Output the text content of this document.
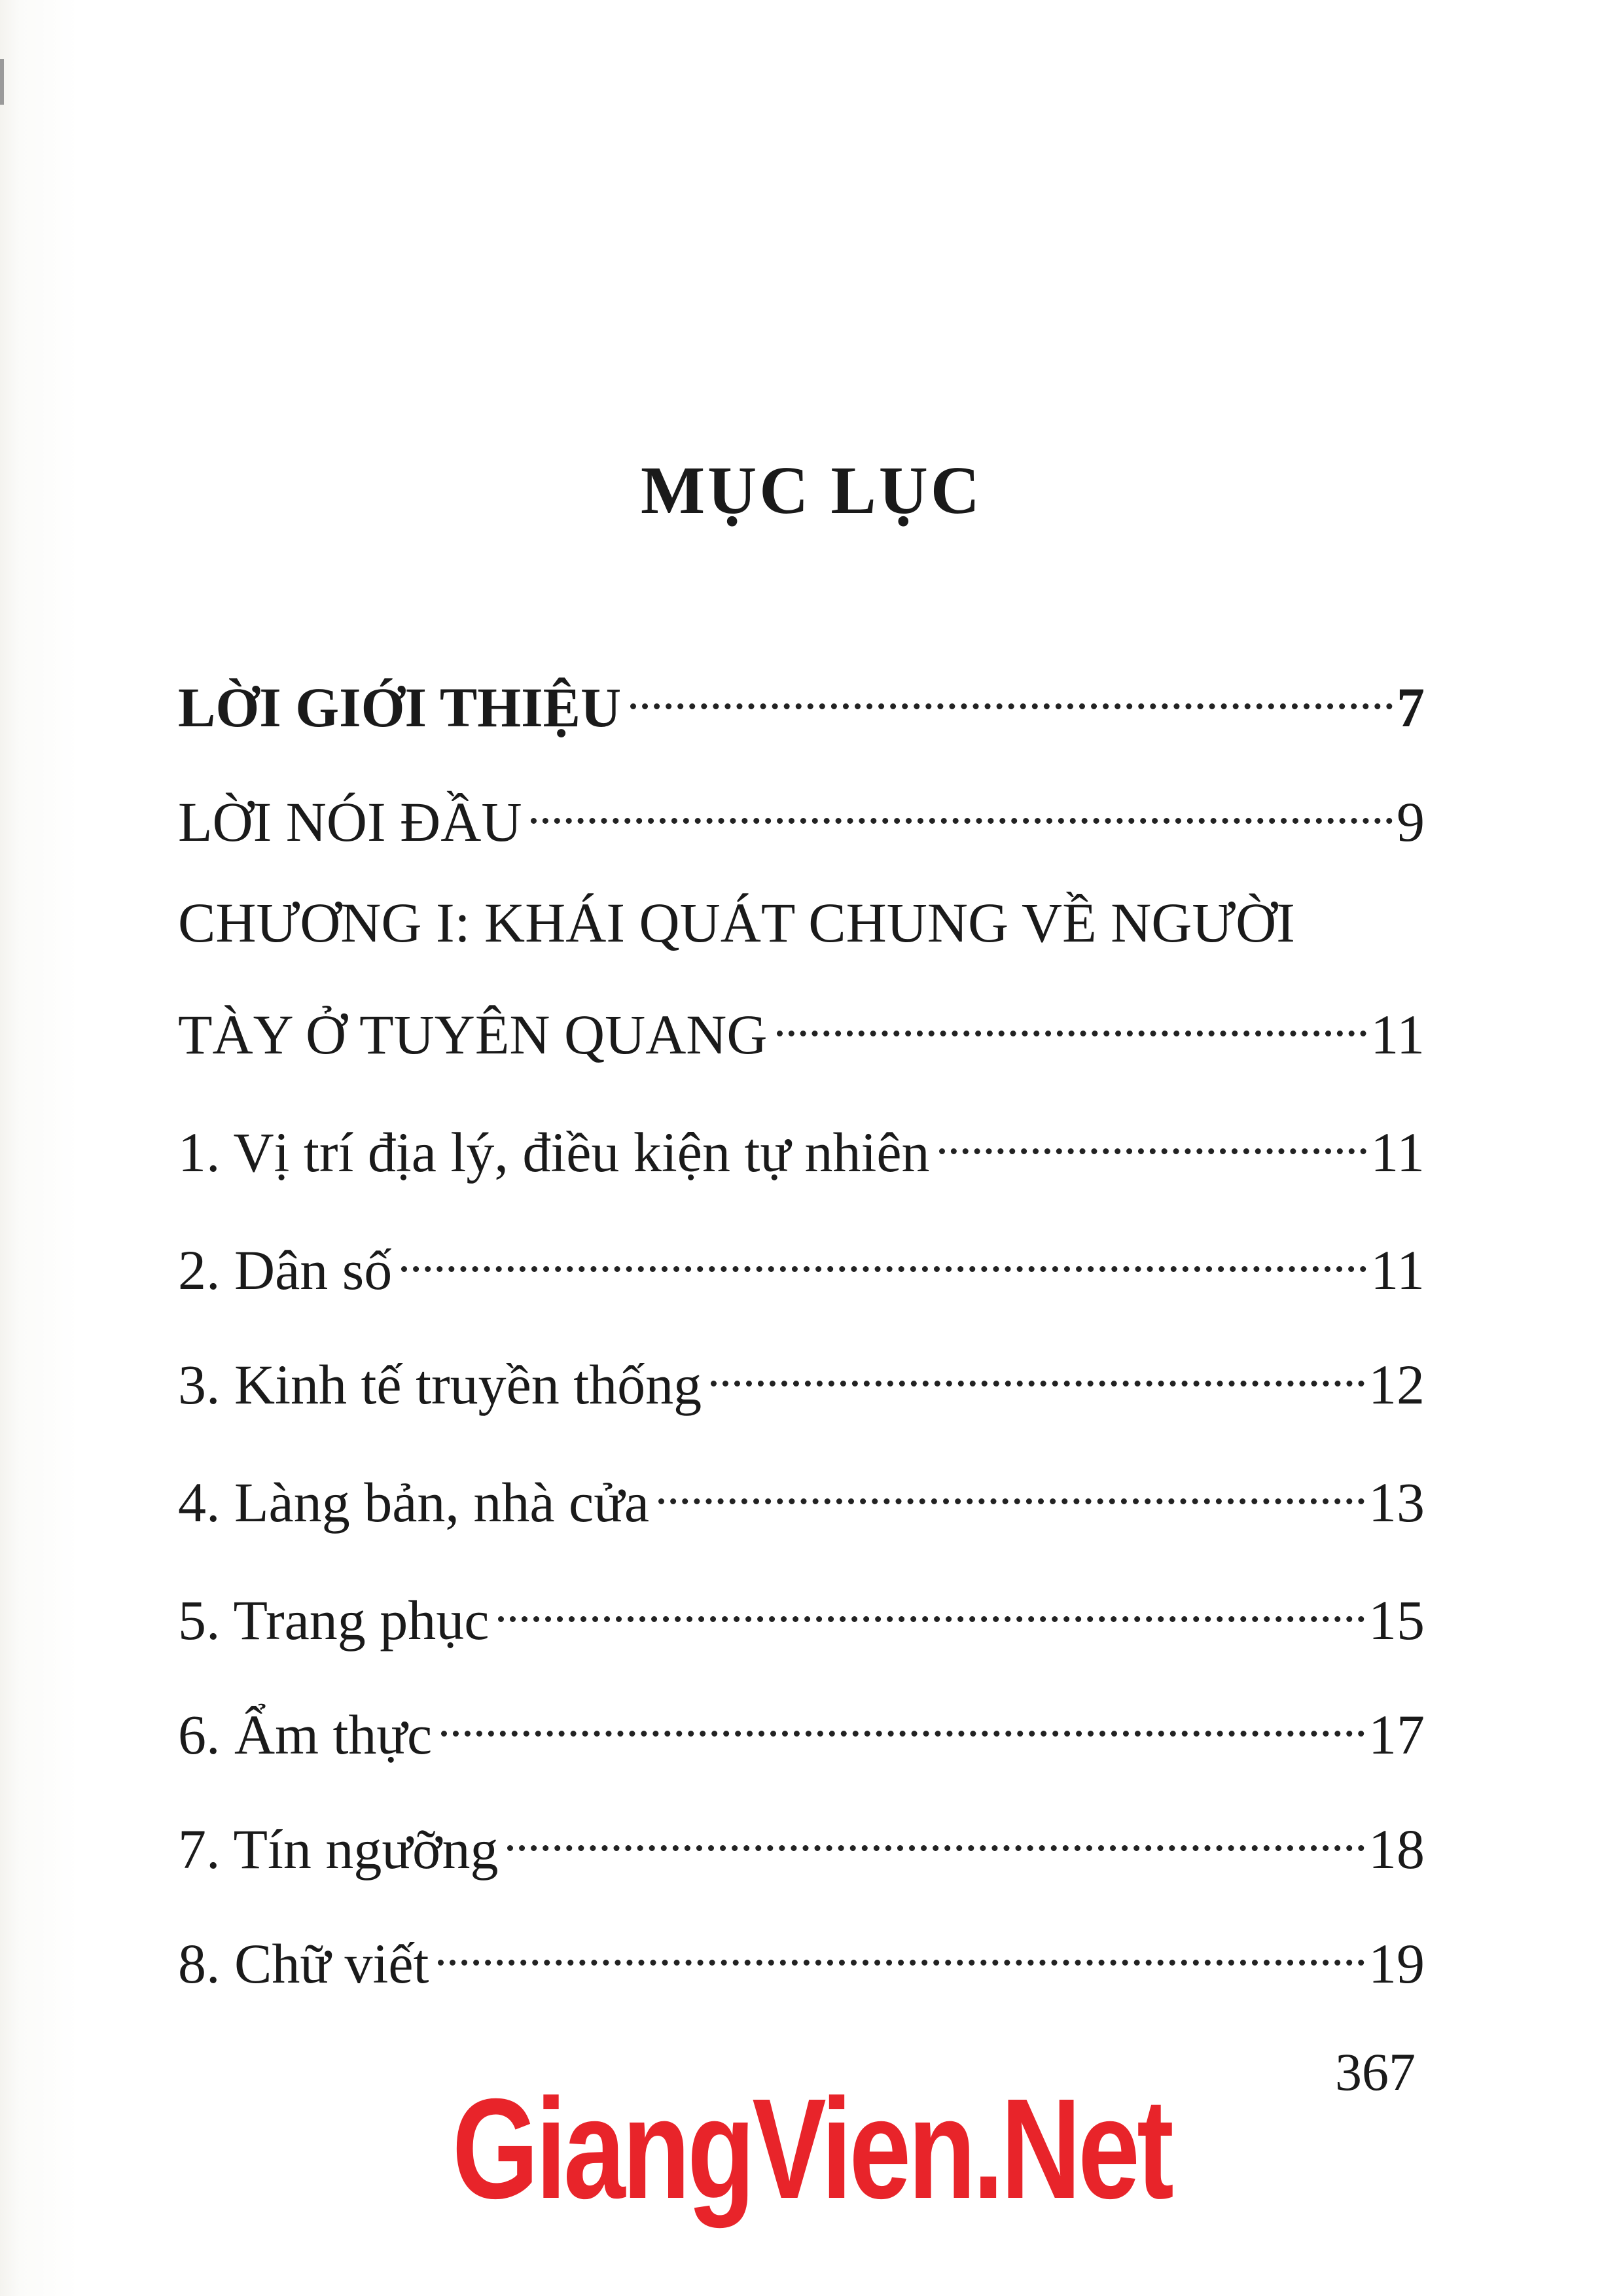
MỤC LỤC
LỜI GIỚI THIỆU	7
LỜI NÓI ĐẦU	9
CHƯƠNG I: KHÁI QUÁT CHUNG VỀ NGƯỜI
TÀY Ở TUYÊN QUANG	11
1. Vị trí địa lý, điều kiện tự nhiên	11
2. Dân số	11
3. Kinh tế truyền thống	12
4. Làng bản, nhà cửa	13
5. Trang phục	15
6. Ẩm thực	17
7. Tín ngưỡng	18
8. Chữ viết	19
367
GiangVien.Net
